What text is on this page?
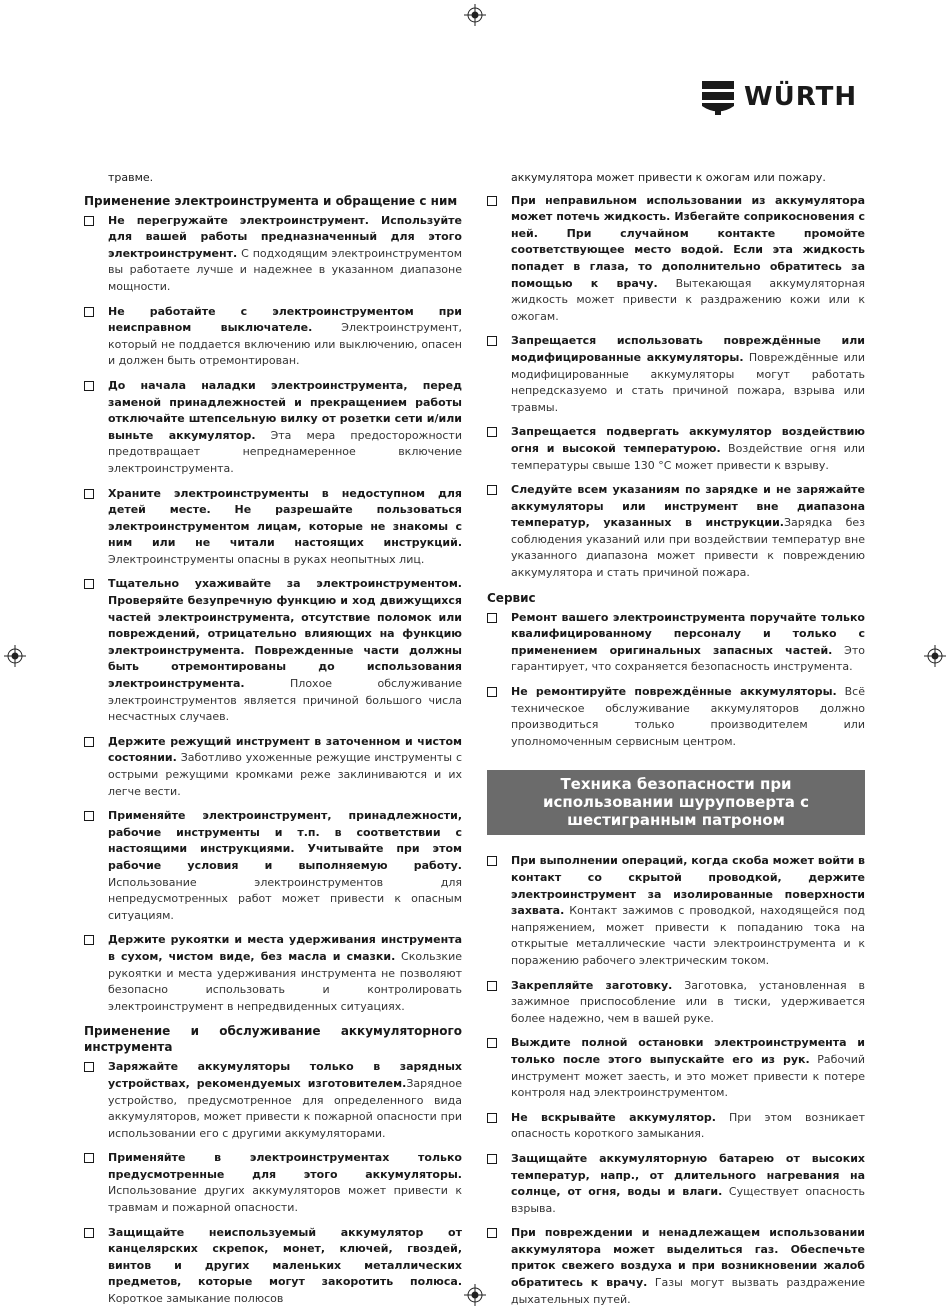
WÜRTH

травме.

Применение электроинструмента и обращение с ним
Не перегружайте электроинструмент. Используйте для вашей работы предназначенный для этого электроинструмент. С подходящим электроинструментом вы работаете лучше и надежнее в указанном диапазоне мощности.
Не работайте с электроинструментом при неисправном выключателе. Электроинструмент, который не поддается включению или выключению, опасен и должен быть отремонтирован.
До начала наладки электроинструмента, перед заменой принадлежностей и прекращением работы отключайте штепсельную вилку от розетки сети и/или выньте аккумулятор. Эта мера предосторожности предотвращает непреднамеренное включение электроинструмента.
Храните электроинструменты в недоступном для детей месте. Не разрешайте пользоваться электроинструментом лицам, которые не знакомы с ним или не читали настоящих инструкций. Электроинструменты опасны в руках неопытных лиц.
Тщательно ухаживайте за электроинструментом. Проверяйте безупречную функцию и ход движущихся частей электроинструмента, отсутствие поломок или повреждений, отрицательно влияющих на функцию электроинструмента. Поврежденные части должны быть отремонтированы до использования электроинструмента. Плохое обслуживание электроинструментов является причиной большого числа несчастных случаев.
Держите режущий инструмент в заточенном и чистом состоянии. Заботливо ухоженные режущие инструменты с острыми режущими кромками реже заклиниваются и их легче вести.
Применяйте электроинструмент, принадлежности, рабочие инструменты и т.п. в соответствии с настоящими инструкциями. Учитывайте при этом рабочие условия и выполняемую работу. Использование электроинструментов для непредусмотренных работ может привести к опасным ситуациям.
Держите рукоятки и места удерживания инструмента в сухом, чистом виде, без масла и смазки. Скользкие рукоятки и места удерживания инструмента не позволяют безопасно использовать и контролировать электроинструмент в непредвиденных ситуациях.
Применение и обслуживание аккумуляторного инструмента
Заряжайте аккумуляторы только в зарядных устройствах, рекомендуемых изготовителем.Зарядное устройство, предусмотренное для определенного вида аккумуляторов, может привести к пожарной опасности при использовании его с другими аккумуляторами.
Применяйте в электроинструментах только предусмотренные для этого аккумуляторы. Использование других аккумуляторов может привести к травмам и пожарной опасности.
Защищайте неиспользуемый аккумулятор от канцелярских скрепок, монет, ключей, гвоздей, винтов и других маленьких металлических предметов, которые могут закоротить полюса. Короткое замыкание полюсов

аккумулятора может привести к ожогам или пожару.

При неправильном использовании из аккумулятора может потечь жидкость. Избегайте соприкосновения с ней. При случайном контакте промойте соответствующее место водой. Если эта жидкость попадет в глаза, то дополнительно обратитесь за помощью к врачу. Вытекающая аккумуляторная жидкость может привести к раздражению кожи или к ожогам.
Запрещается использовать повреждённые или модифицированные аккумуляторы. Повреждённые или модифицированные аккумуляторы могут работать непредсказуемо и стать причиной пожара, взрыва или травмы.
Запрещается подвергать аккумулятор воздействию огня и высокой температурою. Воздействие огня или температуры свыше 130 °C может привести к взрыву.
Следуйте всем указаниям по зарядке и не заряжайте аккумуляторы или инструмент вне диапазона температур, указанных в инструкции.Зарядка без соблюдения указаний или при воздействии температур вне указанного диапазона может привести к повреждению аккумулятора и стать причиной пожара.
Сервис
Ремонт вашего электроинструмента поручайте только квалифицированному персоналу и только с применением оригинальных запасных частей. Это гарантирует, что сохраняется безопасность инструмента.
Не ремонтируйте повреждённые аккумуляторы. Всё техническое обслуживание аккумуляторов должно производиться только производителем или уполномоченным сервисным центром.
Техника безопасности при использовании шуруповерта с шестигранным патроном
При выполнении операций, когда скоба может войти в контакт со скрытой проводкой, держите электроинструмент за изолированные поверхности захвата. Контакт зажимов с проводкой, находящейся под напряжением, может привести к попаданию тока на открытые металлические части электроинструмента и к поражению рабочего электрическим током.
Закрепляйте заготовку. Заготовка, установленная в зажимное приспособление или в тиски, удерживается более надежно, чем в вашей руке.
Выждите полной остановки электроинструмента и только после этого выпускайте его из рук. Рабочий инструмент может заесть, и это может привести к потере контроля над электроинструментом.
Не вскрывайте аккумулятор. При этом возникает опасность короткого замыкания.
Защищайте аккумуляторную батарею от высоких температур, напр., от длительного нагревания на солнце, от огня, воды и влаги. Существует опасность взрыва.
При повреждении и ненадлежащем использовании аккумулятора может выделиться газ. Обеспечьте приток свежего воздуха и при возникновении жалоб обратитесь к врачу. Газы могут вызвать раздражение дыхательных путей.
